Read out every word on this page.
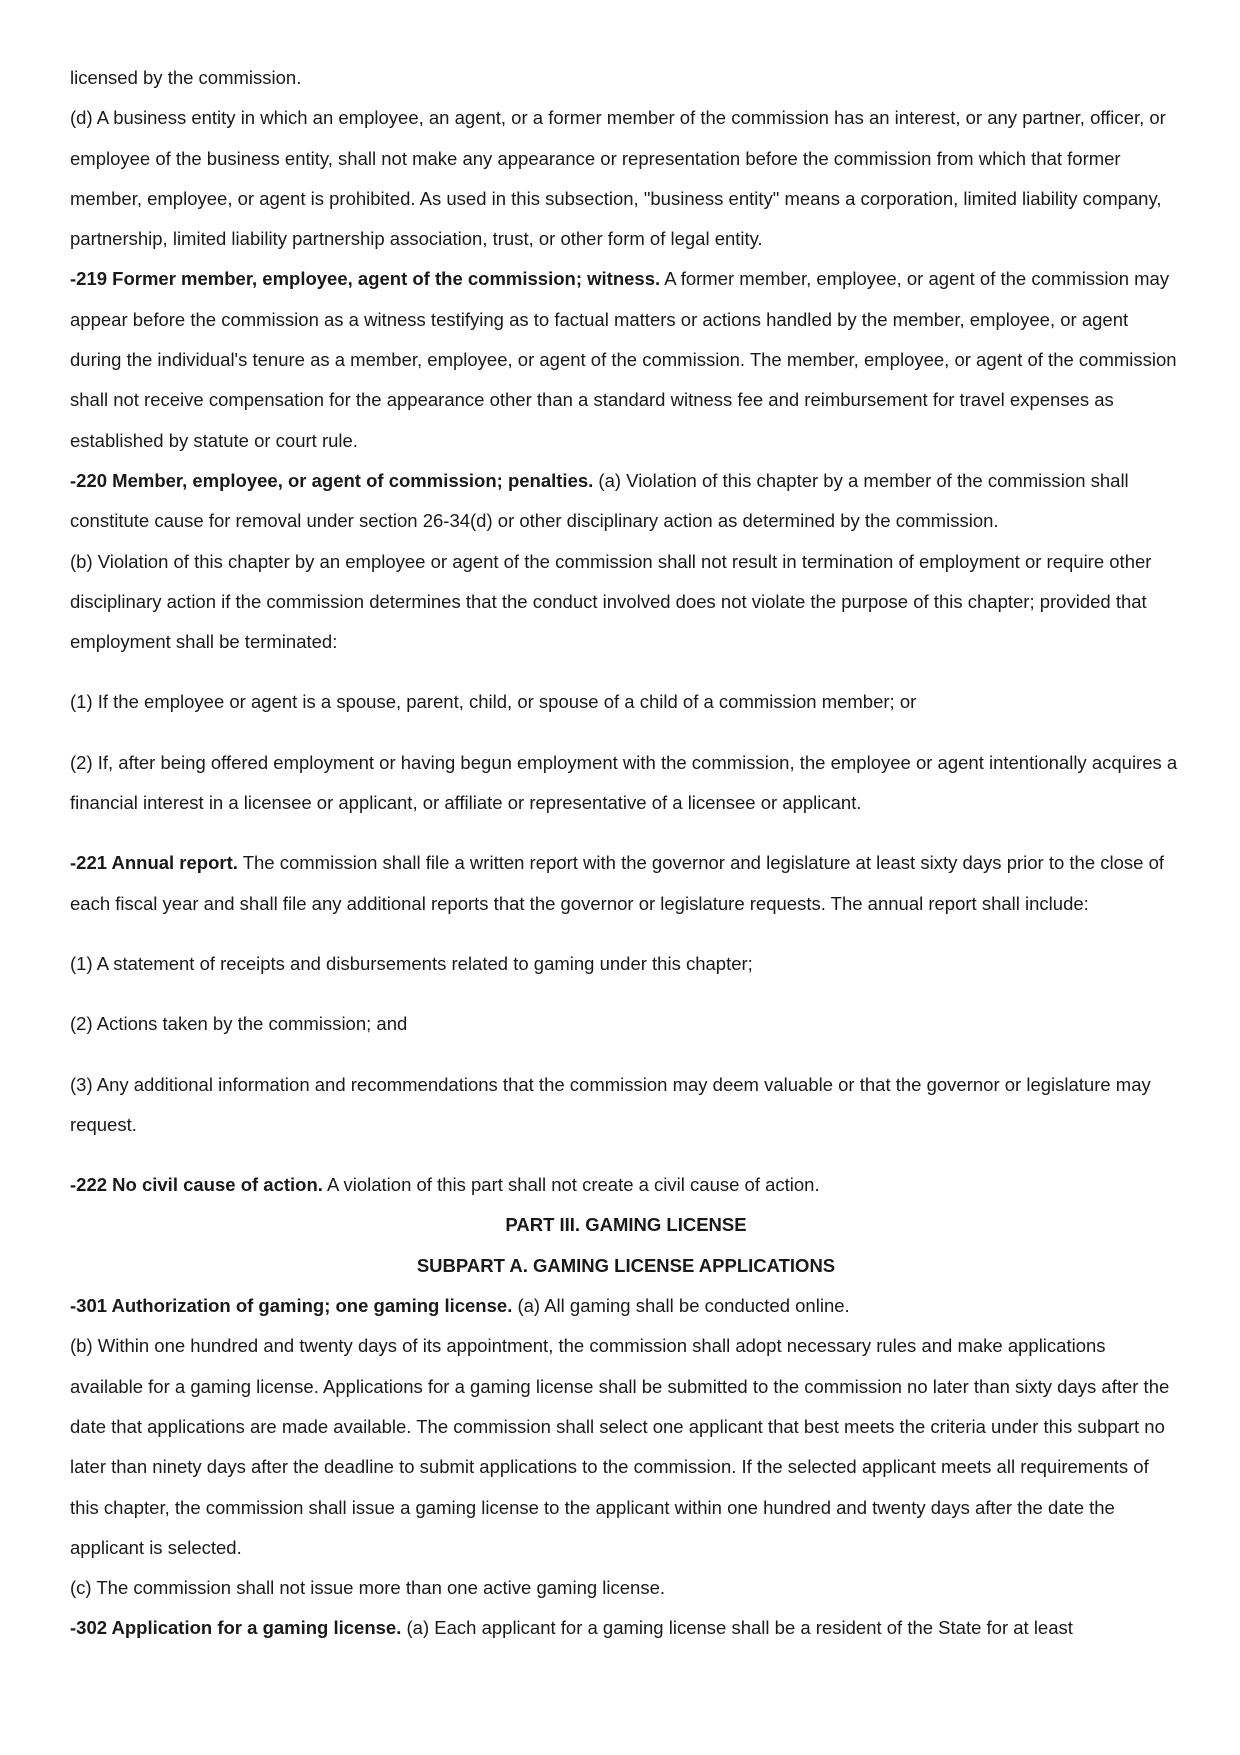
licensed by the commission.

(d) A business entity in which an employee, an agent, or a former member of the commission has an interest, or any partner, officer, or employee of the business entity, shall not make any appearance or representation before the commission from which that former member, employee, or agent is prohibited. As used in this subsection, "business entity" means a corporation, limited liability company, partnership, limited liability partnership association, trust, or other form of legal entity.

-219 Former member, employee, agent of the commission; witness. A former member, employee, or agent of the commission may appear before the commission as a witness testifying as to factual matters or actions handled by the member, employee, or agent during the individual's tenure as a member, employee, or agent of the commission. The member, employee, or agent of the commission shall not receive compensation for the appearance other than a standard witness fee and reimbursement for travel expenses as established by statute or court rule.

-220 Member, employee, or agent of commission; penalties. (a) Violation of this chapter by a member of the commission shall constitute cause for removal under section 26-34(d) or other disciplinary action as determined by the commission.

(b) Violation of this chapter by an employee or agent of the commission shall not result in termination of employment or require other disciplinary action if the commission determines that the conduct involved does not violate the purpose of this chapter; provided that employment shall be terminated:

(1) If the employee or agent is a spouse, parent, child, or spouse of a child of a commission member; or

(2) If, after being offered employment or having begun employment with the commission, the employee or agent intentionally acquires a financial interest in a licensee or applicant, or affiliate or representative of a licensee or applicant.

-221 Annual report. The commission shall file a written report with the governor and legislature at least sixty days prior to the close of each fiscal year and shall file any additional reports that the governor or legislature requests. The annual report shall include:

(1) A statement of receipts and disbursements related to gaming under this chapter;

(2) Actions taken by the commission; and

(3) Any additional information and recommendations that the commission may deem valuable or that the governor or legislature may request.

-222 No civil cause of action. A violation of this part shall not create a civil cause of action.

PART III. GAMING LICENSE

SUBPART A. GAMING LICENSE APPLICATIONS

-301 Authorization of gaming; one gaming license. (a) All gaming shall be conducted online.

(b) Within one hundred and twenty days of its appointment, the commission shall adopt necessary rules and make applications available for a gaming license. Applications for a gaming license shall be submitted to the commission no later than sixty days after the date that applications are made available. The commission shall select one applicant that best meets the criteria under this subpart no later than ninety days after the deadline to submit applications to the commission. If the selected applicant meets all requirements of this chapter, the commission shall issue a gaming license to the applicant within one hundred and twenty days after the date the applicant is selected.

(c) The commission shall not issue more than one active gaming license.

-302 Application for a gaming license. (a) Each applicant for a gaming license shall be a resident of the State for at least
